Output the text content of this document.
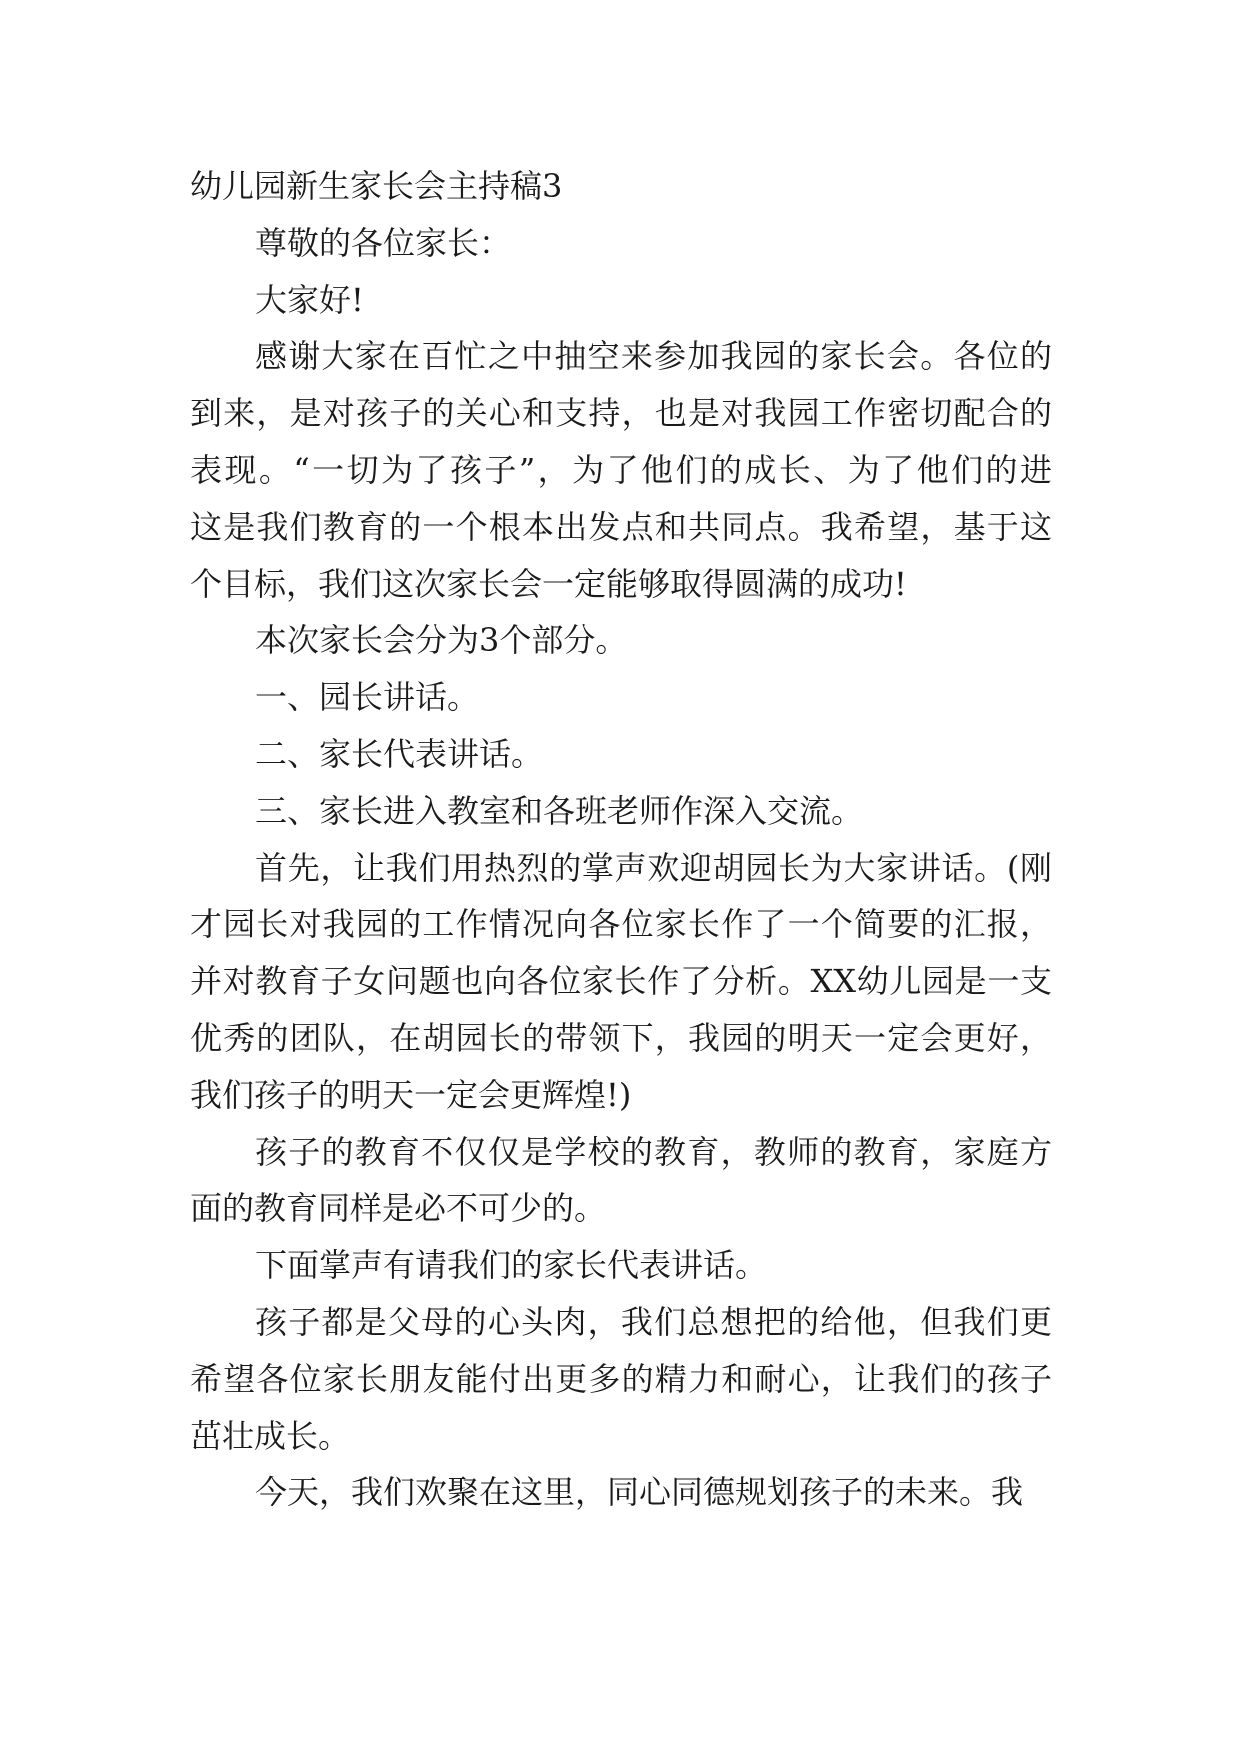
幼儿园新生家长会主持稿3
尊敬的各位家长：
大家好!
感谢大家在百忙之中抽空来参加我园的家长会。各位的
到来，是对孩子的关心和支持，也是对我园工作密切配合的
表现。“一切为了孩子”，为了他们的成长、为了他们的进
这是我们教育的一个根本出发点和共同点。我希望，基于这
个目标，我们这次家长会一定能够取得圆满的成功!
本次家长会分为3个部分。
一、园长讲话。
二、家长代表讲话。
三、家长进入教室和各班老师作深入交流。
首先，让我们用热烈的掌声欢迎胡园长为大家讲话。(刚
才园长对我园的工作情况向各位家长作了一个简要的汇报，
并对教育子女问题也向各位家长作了分析。XX幼儿园是一支
优秀的团队，在胡园长的带领下，我园的明天一定会更好，
我们孩子的明天一定会更辉煌!)
孩子的教育不仅仅是学校的教育，教师的教育，家庭方
面的教育同样是必不可少的。
下面掌声有请我们的家长代表讲话。
孩子都是父母的心头肉，我们总想把的给他，但我们更
希望各位家长朋友能付出更多的精力和耐心，让我们的孩子
茁壮成长。
今天，我们欢聚在这里，同心同德规划孩子的未来。我
